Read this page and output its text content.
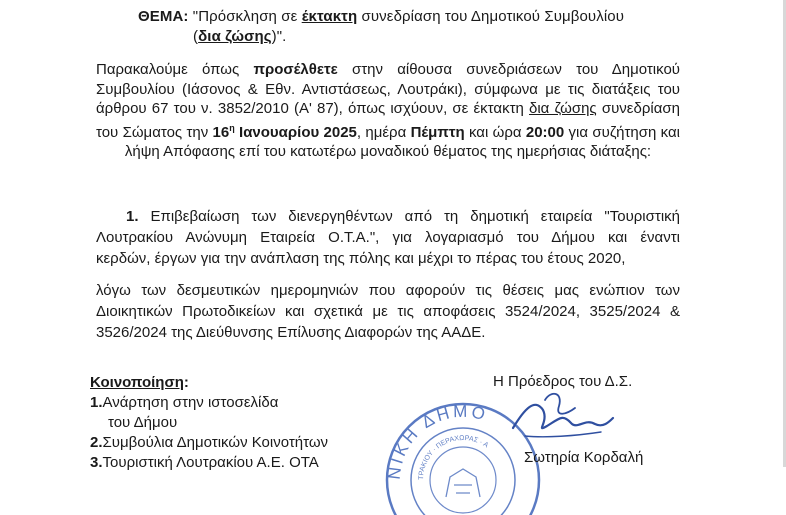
ΘΕΜΑ: "Πρόσκληση σε έκτακτη συνεδρίαση του Δημοτικού Συμβουλίου
(δια ζώσης)".
Παρακαλούμε όπως προσέλθετε στην αίθουσα συνεδριάσεων του Δημοτικού Συμβουλίου (Ιάσονος & Εθν. Αντιστάσεως, Λουτράκι), σύμφωνα με τις διατάξεις του άρθρου 67 του ν. 3852/2010 (Α' 87), όπως ισχύουν, σε έκτακτη δια ζώσης συνεδρίαση του Σώματος την $16^\eta$ Ιανουαρίου 2025, ημέρα Πέμπτη και ώρα 20:00 για συζήτηση και λήψη Απόφασης επί του κατωτέρω μοναδικού θέματος της ημερήσιας διάταξης:
1. Επιβεβαίωση των διενεργηθέντων από τη δημοτική εταιρεία "Τουριστική
Λουτρακίου Ανώνυμη Εταιρεία Ο.Τ.Α.", για λογαριασμό του Δήμου και έναντι
κερδών, έργων για την ανάπλαση της πόλης και μέχρι το πέρας του έτους 2020,
λόγω των δεσμευτικών ημερομηνιών που αφορούν τις θέσεις μας ενώπιον των
Διοικητικών Πρωτοδικείων και σχετικά με τις αποφάσεις 3524/2024, 3525/2024 &
3526/2024 της Διεύθυνσης Επίλυσης Διαφορών της ΑΑΔΕ.
Κοινοποίηση:
1.Ανάρτηση στην ιστοσελίδα
του Δήμου
2.Συμβούλια Δημοτικών Κοινοτήτων
3.Τουριστική Λουτρακίου Α.Ε. ΟΤΑ
ΝΙΚΗ ΔΗΜΟ
ΤΡΑΚΙΟΥ · ΠΕΡΑΧΩΡΑΣ · Α
Η Πρόεδρος του Δ.Σ.
Σωτηρία Κορδαλή
